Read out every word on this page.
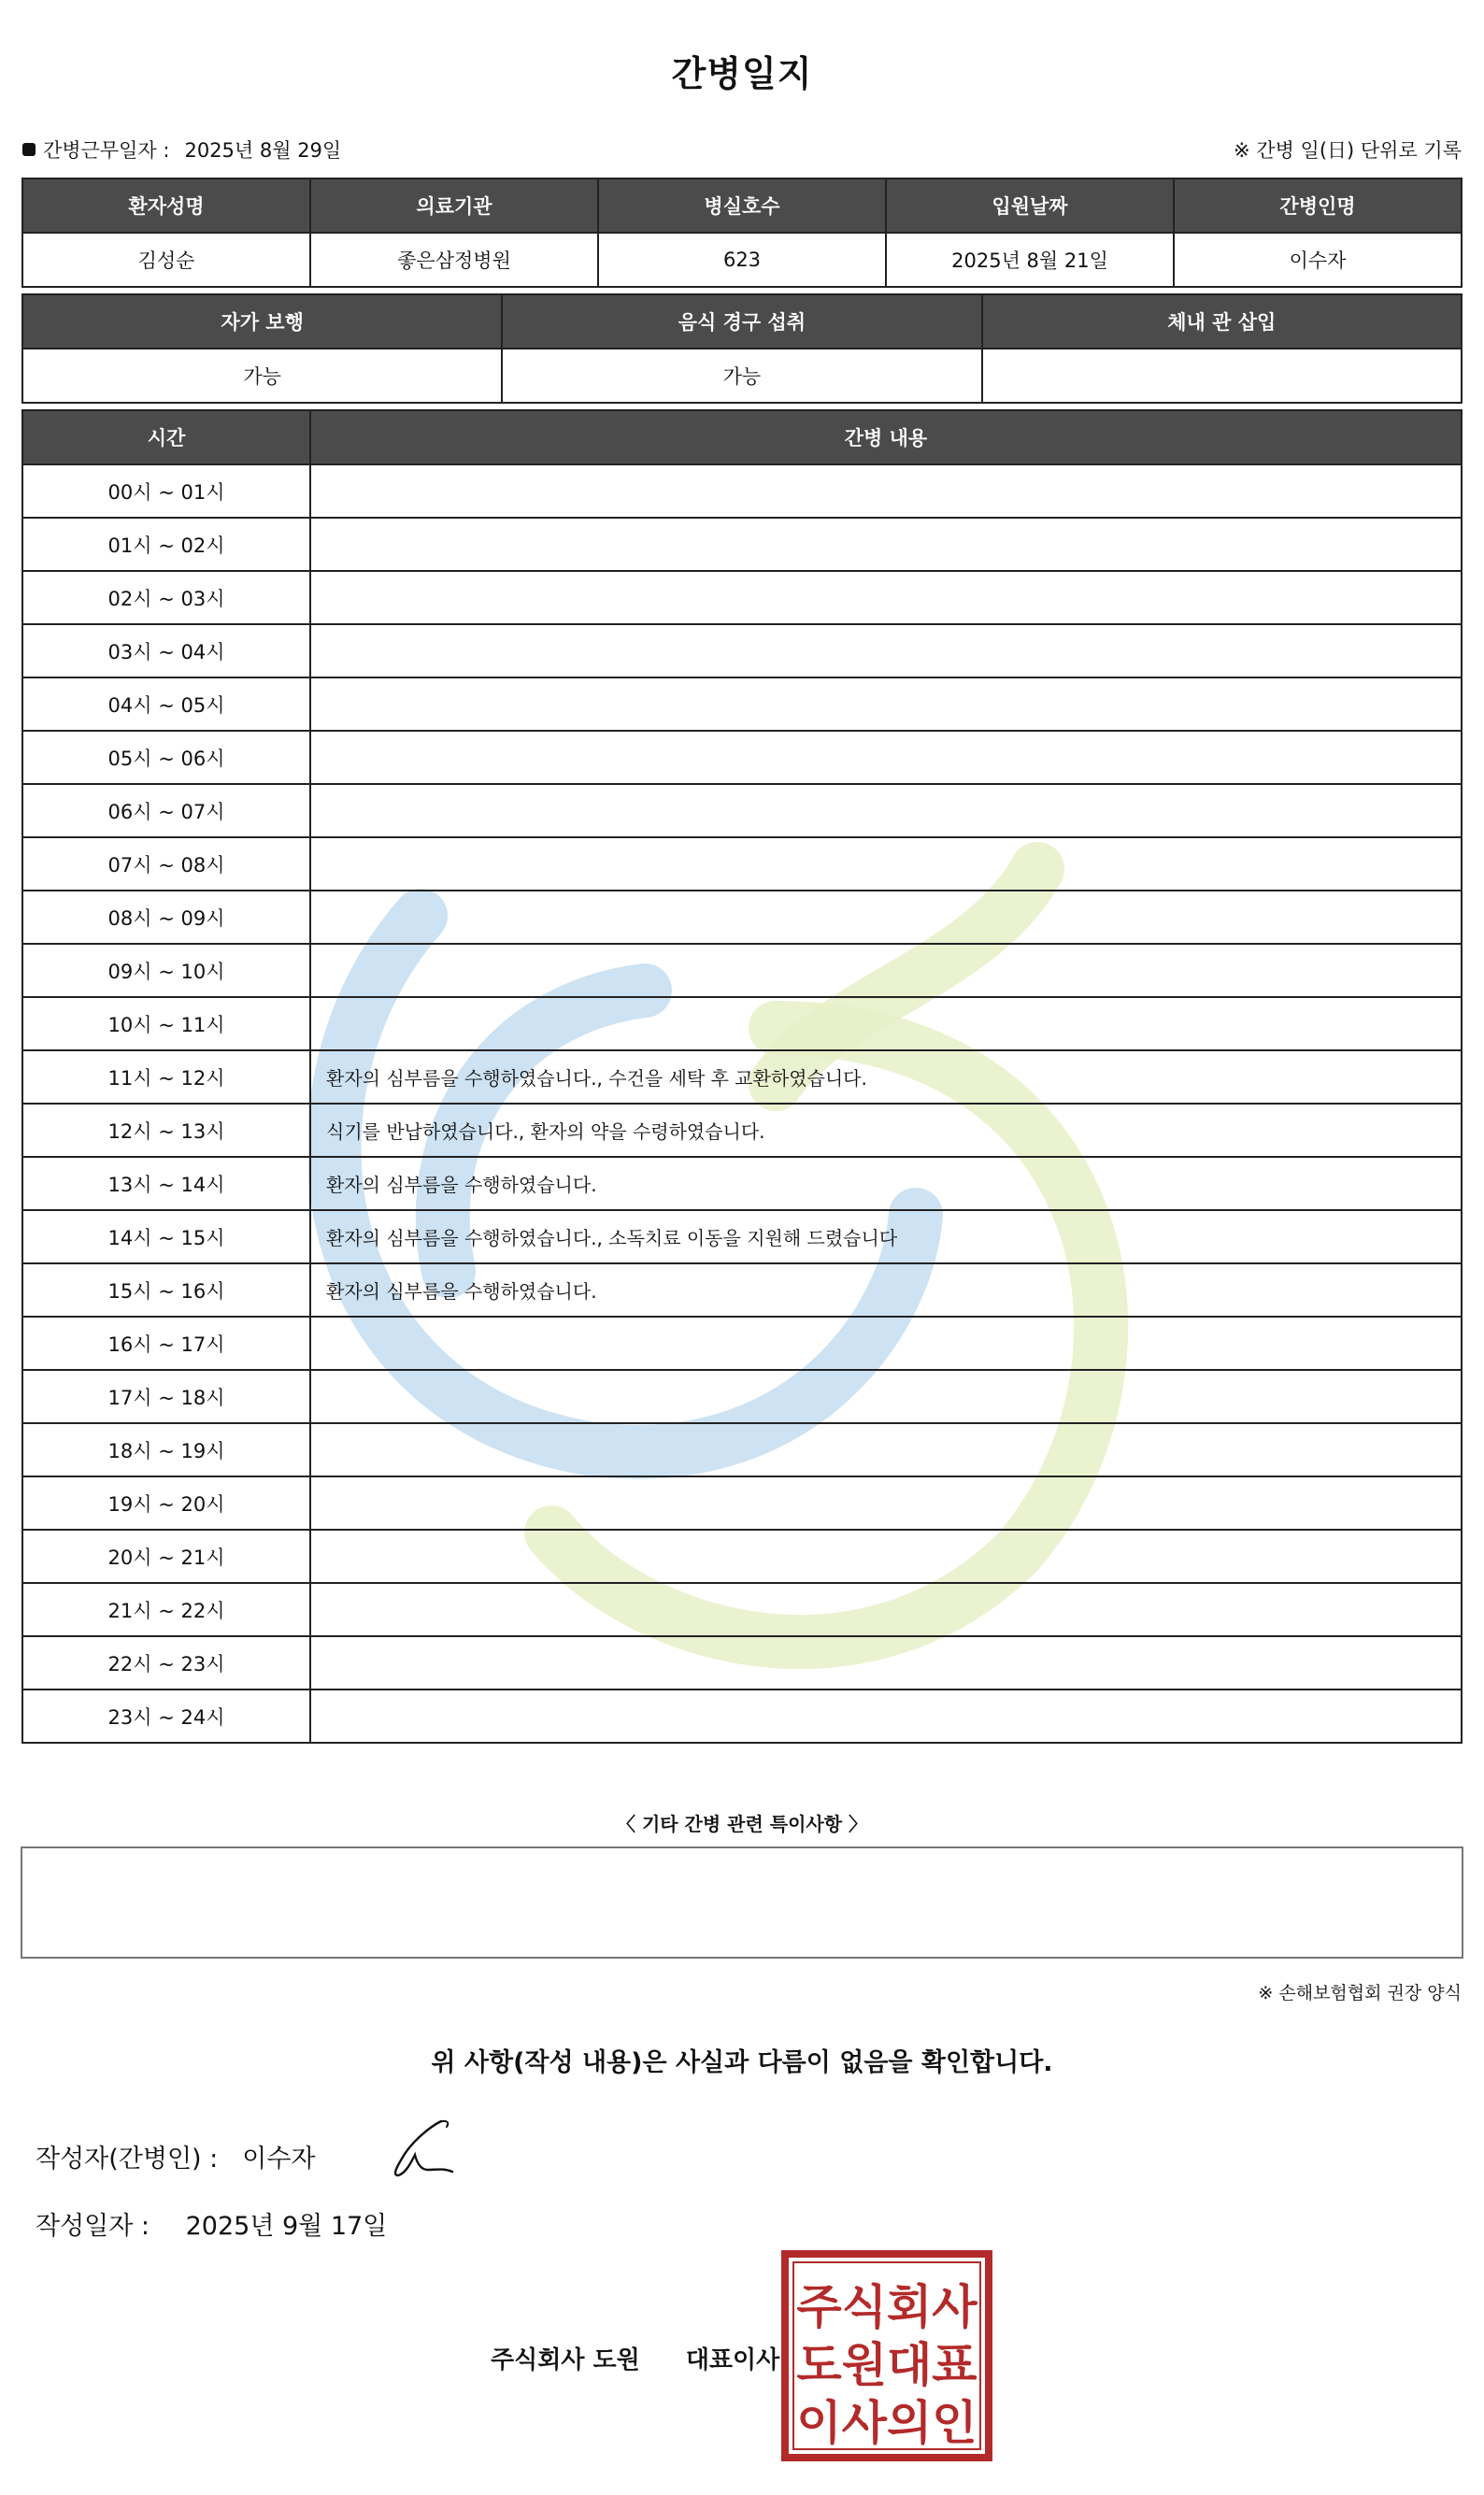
간병일지
간병근무일자 : 2025년 8월 29일	※ 간병 일(日) 단위로 기록
환자성명	의료기관	병실호수	입원날짜	간병인명
김성순	좋은삼정병원	623	2025년 8월 21일	이수자
자가 보행	음식 경구 섭취	체내 관 삽입
가능	가능	
시간	간병 내용
00시 ~ 01시	
01시 ~ 02시	
02시 ~ 03시	
03시 ~ 04시	
04시 ~ 05시	
05시 ~ 06시	
06시 ~ 07시	
07시 ~ 08시	
08시 ~ 09시	
09시 ~ 10시	
10시 ~ 11시	
11시 ~ 12시	환자의 심부름을 수행하였습니다., 수건을 세탁 후 교환하였습니다.
12시 ~ 13시	식기를 반납하였습니다., 환자의 약을 수령하였습니다.
13시 ~ 14시	환자의 심부름을 수행하였습니다.
14시 ~ 15시	환자의 심부름을 수행하였습니다., 소독치료 이동을 지원해 드렸습니다
15시 ~ 16시	환자의 심부름을 수행하였습니다.
16시 ~ 17시	
17시 ~ 18시	
18시 ~ 19시	
19시 ~ 20시	
20시 ~ 21시	
21시 ~ 22시	
22시 ~ 23시	
23시 ~ 24시	
〈 기타 간병 관련 특이사항 〉
※ 손해보험협회 권장 양식
위 사항(작성 내용)은 사실과 다름이 없음을 확인합니다.
작성자(간병인) : 이수자
작성일자 : 2025년 9월 17일
주식회사 도원 대표이사
주식회사
도원대표
이사의인
